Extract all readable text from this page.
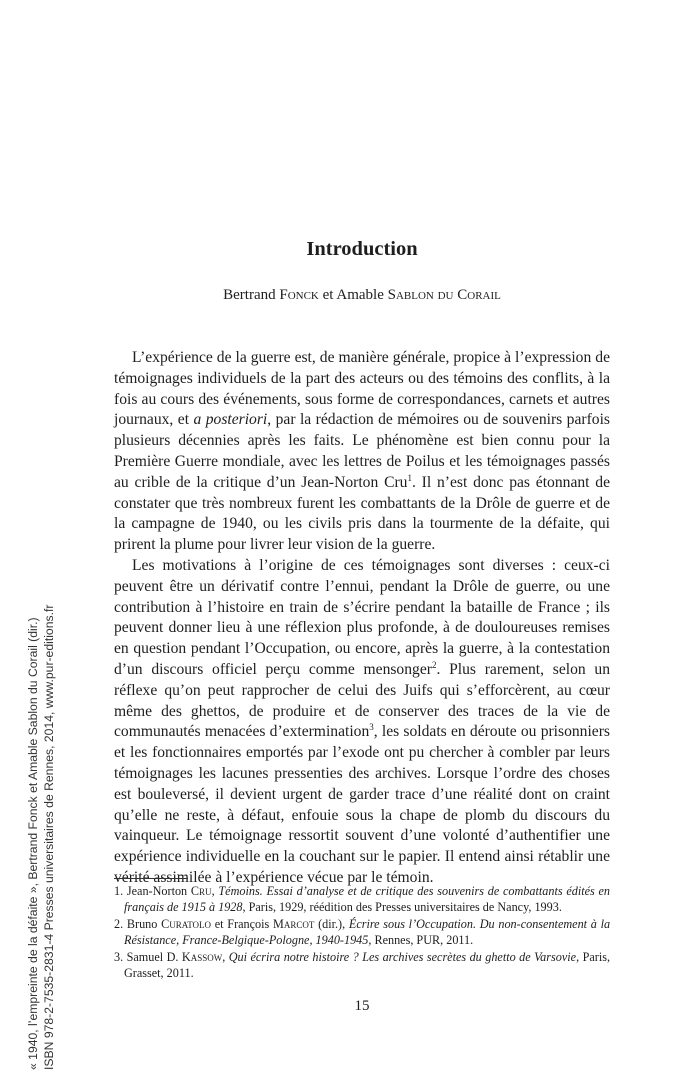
« 1940, l’empreinte de la défaite », Bertrand Fonck et Amable Sablon du Corail (dir.) ISBN 978-2-7535-2831-4 Presses universitaires de Rennes, 2014, www.pur-editions.fr
Introduction

Bertrand Fonck et Amable Sablon du Corail

L’expérience de la guerre est, de manière générale, propice à l’expression de témoignages individuels de la part des acteurs ou des témoins des conflits, à la fois au cours des événements, sous forme de correspondances, carnets et autres journaux, et a posteriori, par la rédaction de mémoires ou de souvenirs parfois plusieurs décennies après les faits. Le phénomène est bien connu pour la Première Guerre mondiale, avec les lettres de Poilus et les témoignages passés au crible de la critique d’un Jean-Norton Cru$^1$. Il n’est donc pas étonnant de constater que très nombreux furent les combattants de la Drôle de guerre et de la campagne de 1940, ou les civils pris dans la tourmente de la défaite, qui prirent la plume pour livrer leur vision de la guerre.

Les motivations à l’origine de ces témoignages sont diverses : ceux-ci peuvent être un dérivatif contre l’ennui, pendant la Drôle de guerre, ou une contribution à l’histoire en train de s’écrire pendant la bataille de France ; ils peuvent donner lieu à une réflexion plus profonde, à de douloureuses remises en question pendant l’Occupation, ou encore, après la guerre, à la contestation d’un discours officiel perçu comme mensonger$^2$. Plus rarement, selon un réflexe qu’on peut rapprocher de celui des Juifs qui s’efforcèrent, au cœur même des ghettos, de produire et de conserver des traces de la vie de communautés menacées d’extermination$^3$, les soldats en déroute ou prisonniers et les fonctionnaires emportés par l’exode ont pu chercher à combler par leurs témoignages les lacunes pressenties des archives. Lorsque l’ordre des choses est bouleversé, il devient urgent de garder trace d’une réalité dont on craint qu’elle ne reste, à défaut, enfouie sous la chape de plomb du discours du vainqueur. Le témoignage ressortit souvent d’une volonté d’authentifier une expérience individuelle en la couchant sur le papier. Il entend ainsi rétablir une vérité assimilée à l’expérience vécue par le témoin.

1. Jean-Norton Cru, Témoins. Essai d’analyse et de critique des souvenirs de combattants édités en français de 1915 à 1928, Paris, 1929, réédition des Presses universitaires de Nancy, 1993.

2. Bruno Curatolo et François Marcot (dir.), Écrire sous l’Occupation. Du non-consentement à la Résistance, France-Belgique-Pologne, 1940-1945, Rennes, PUR, 2011.

3. Samuel D. Kassow, Qui écrira notre histoire ? Les archives secrètes du ghetto de Varsovie, Paris, Grasset, 2011.

15
